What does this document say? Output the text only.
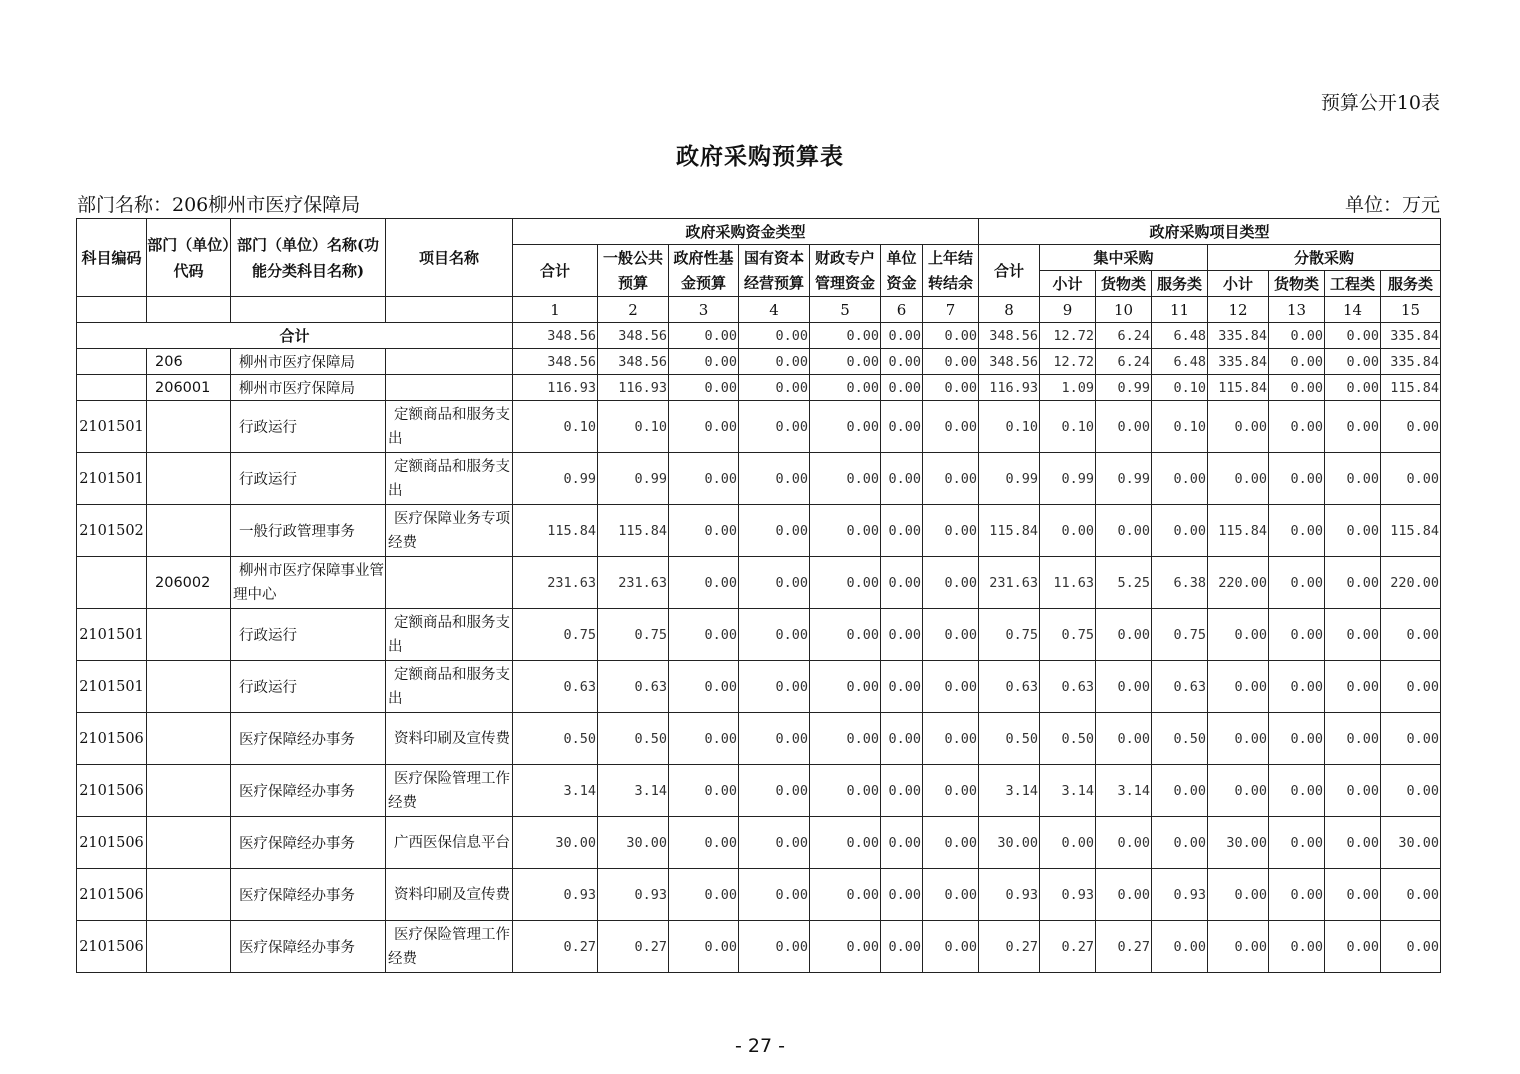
预算公开10表
政府采购预算表
部门名称：206柳州市医疗保障局	单位：万元
科目编码	部门（单位）代码	部门（单位）名称(功能分类科目名称)	项目名称	政府采购资金类型							政府采购项目类型							
				合计	一般公共预算	政府性基金预算	国有资本经营预算	财政专户管理资金	单位资金	上年结转结余	合计	集中采购			分散采购			
												小计	货物类	服务类	小计	货物类	工程类	服务类
				1	2	3	4	5	6	7	8	9	10	11	12	13	14	15
合计				348.56	348.56	0.00	0.00	0.00	0.00	0.00	348.56	12.72	6.24	6.48	335.84	0.00	0.00	335.84
	206	柳州市医疗保障局		348.56	348.56	0.00	0.00	0.00	0.00	0.00	348.56	12.72	6.24	6.48	335.84	0.00	0.00	335.84
	206001	柳州市医疗保障局		116.93	116.93	0.00	0.00	0.00	0.00	0.00	116.93	1.09	0.99	0.10	115.84	0.00	0.00	115.84
2101501		行政运行	定额商品和服务支出	0.10	0.10	0.00	0.00	0.00	0.00	0.00	0.10	0.10	0.00	0.10	0.00	0.00	0.00	0.00
2101501		行政运行	定额商品和服务支出	0.99	0.99	0.00	0.00	0.00	0.00	0.00	0.99	0.99	0.99	0.00	0.00	0.00	0.00	0.00
2101502		一般行政管理事务	医疗保障业务专项经费	115.84	115.84	0.00	0.00	0.00	0.00	0.00	115.84	0.00	0.00	0.00	115.84	0.00	0.00	115.84
	206002	柳州市医疗保障事业管理中心		231.63	231.63	0.00	0.00	0.00	0.00	0.00	231.63	11.63	5.25	6.38	220.00	0.00	0.00	220.00
2101501		行政运行	定额商品和服务支出	0.75	0.75	0.00	0.00	0.00	0.00	0.00	0.75	0.75	0.00	0.75	0.00	0.00	0.00	0.00
2101501		行政运行	定额商品和服务支出	0.63	0.63	0.00	0.00	0.00	0.00	0.00	0.63	0.63	0.00	0.63	0.00	0.00	0.00	0.00
2101506		医疗保障经办事务	资料印刷及宣传费	0.50	0.50	0.00	0.00	0.00	0.00	0.00	0.50	0.50	0.00	0.50	0.00	0.00	0.00	0.00
2101506		医疗保障经办事务	医疗保险管理工作经费	3.14	3.14	0.00	0.00	0.00	0.00	0.00	3.14	3.14	3.14	0.00	0.00	0.00	0.00	0.00
2101506		医疗保障经办事务	广西医保信息平台	30.00	30.00	0.00	0.00	0.00	0.00	0.00	30.00	0.00	0.00	0.00	30.00	0.00	0.00	30.00
2101506		医疗保障经办事务	资料印刷及宣传费	0.93	0.93	0.00	0.00	0.00	0.00	0.00	0.93	0.93	0.00	0.93	0.00	0.00	0.00	0.00
2101506		医疗保障经办事务	医疗保险管理工作经费	0.27	0.27	0.00	0.00	0.00	0.00	0.00	0.27	0.27	0.27	0.00	0.00	0.00	0.00	0.00
- 27 -
